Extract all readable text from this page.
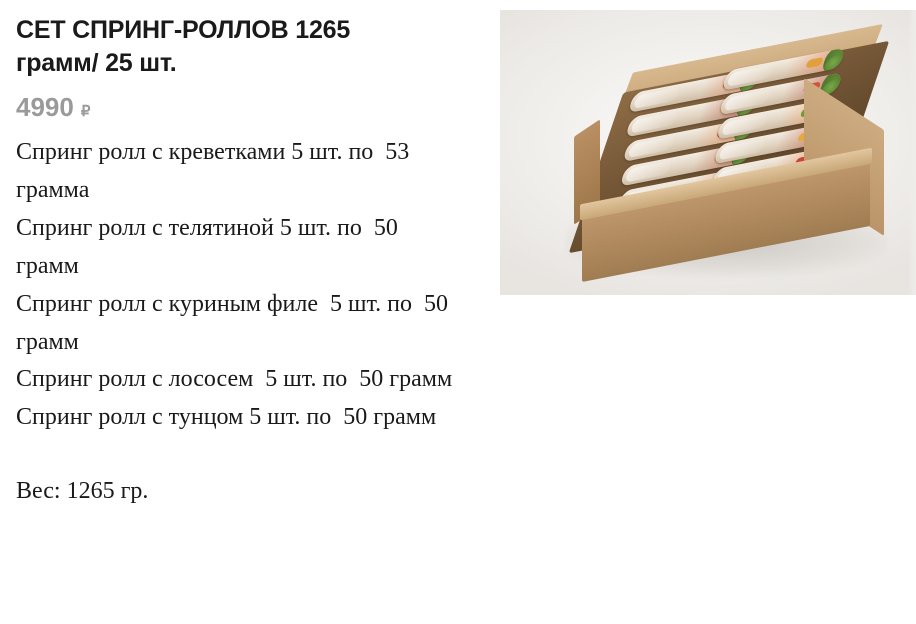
СЕТ СПРИНГ-РОЛЛОВ 1265 грамм/ 25 шт.
4990 ₽
Спринг ролл с креветками 5 шт. по  53 грамма
Спринг ролл с телятиной 5 шт. по  50 грамм
Спринг ролл с куриным филе  5 шт. по  50 грамм
Спринг ролл с лососем  5 шт. по  50 грамм
Спринг ролл с тунцом 5 шт. по  50 грамм
Вес: 1265 гр.
